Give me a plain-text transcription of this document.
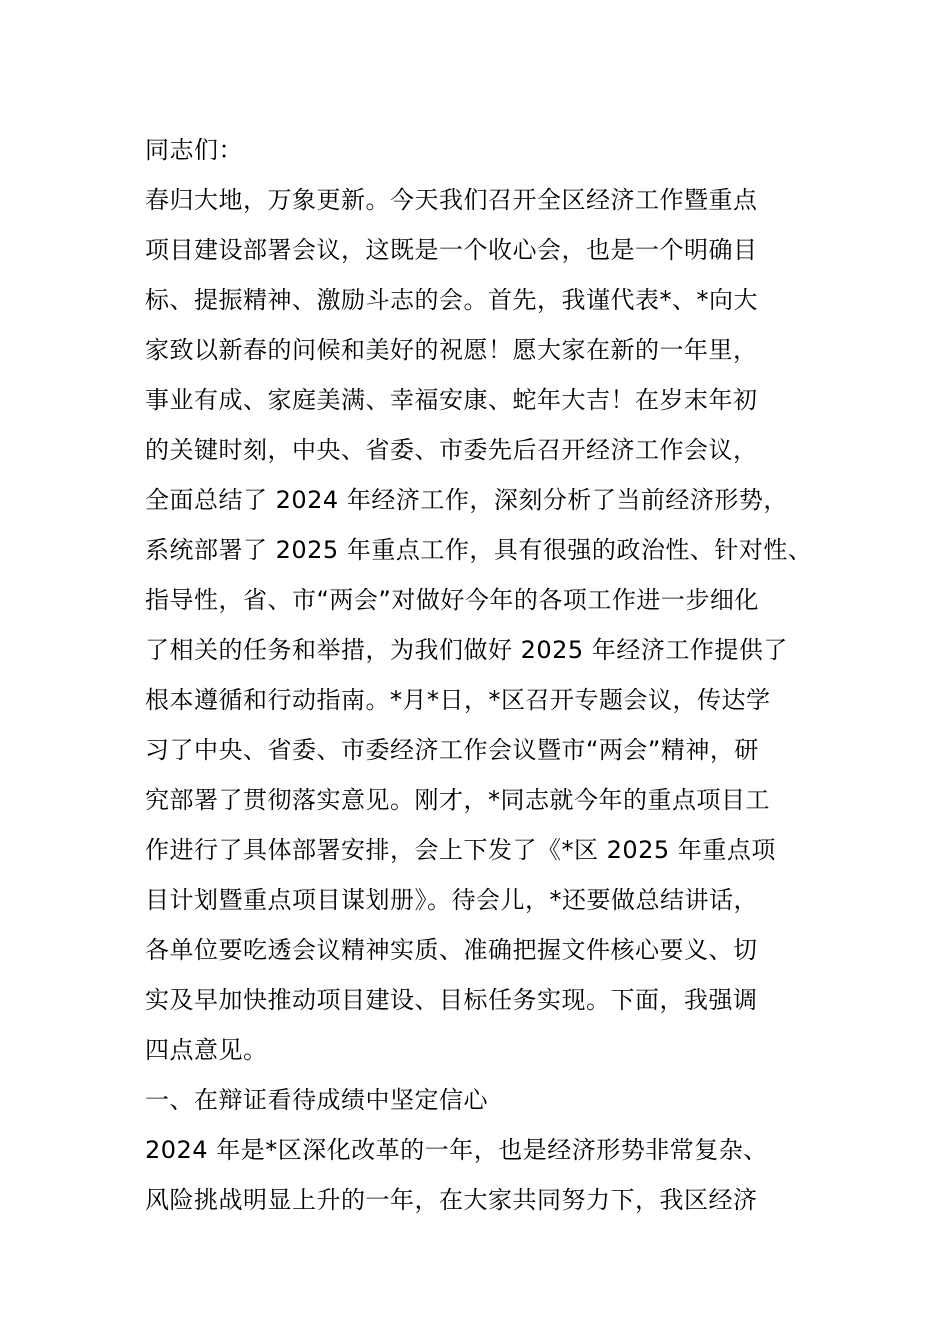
同志们：
春归大地，万象更新。今天我们召开全区经济工作暨重点
项目建设部署会议，这既是一个收心会，也是一个明确目
标、提振精神、激励斗志的会。首先，我谨代表*、*向大
家致以新春的问候和美好的祝愿！愿大家在新的一年里，
事业有成、家庭美满、幸福安康、蛇年大吉！在岁末年初
的关键时刻，中央、省委、市委先后召开经济工作会议，
全面总结了 2024 年经济工作，深刻分析了当前经济形势，
系统部署了 2025 年重点工作，具有很强的政治性、针对性、
指导性，省、市“两会”对做好今年的各项工作进一步细化
了相关的任务和举措，为我们做好 2025 年经济工作提供了
根本遵循和行动指南。*月*日，*区召开专题会议，传达学
习了中央、省委、市委经济工作会议暨市“两会”精神，研
究部署了贯彻落实意见。刚才，*同志就今年的重点项目工
作进行了具体部署安排，会上下发了《*区 2025 年重点项
目计划暨重点项目谋划册》。待会儿，*还要做总结讲话，
各单位要吃透会议精神实质、准确把握文件核心要义、切
实及早加快推动项目建设、目标任务实现。下面，我强调
四点意见。
一、在辩证看待成绩中坚定信心
2024 年是*区深化改革的一年，也是经济形势非常复杂、
风险挑战明显上升的一年，在大家共同努力下，我区经济
